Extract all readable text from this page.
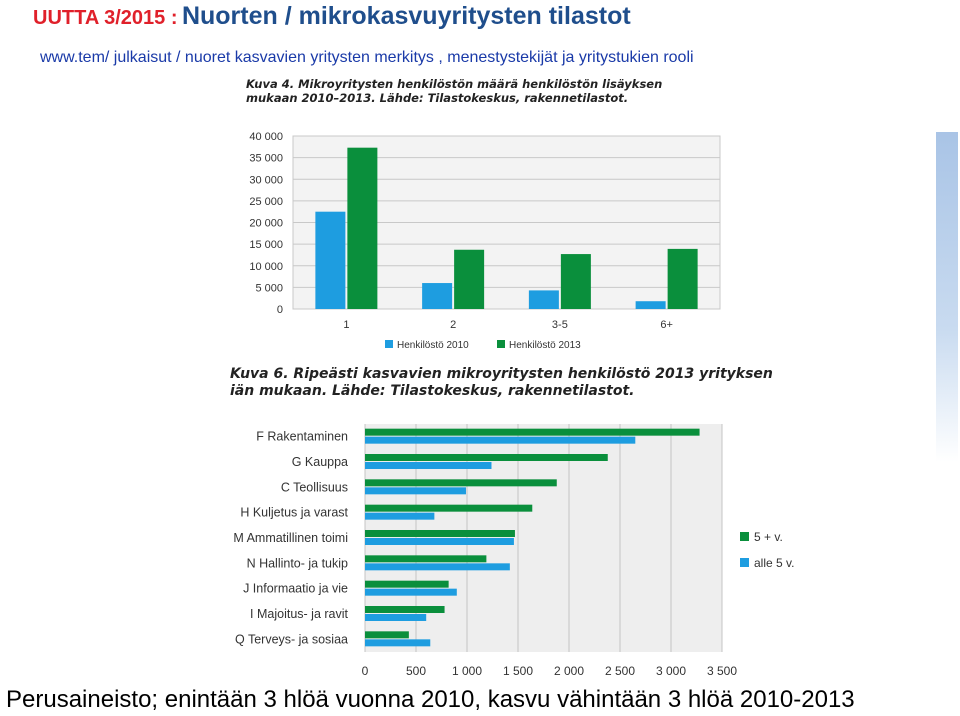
UUTTA 3/2015 : Nuorten / mikrokasvuyritysten tilastot
www.tem/ julkaisut / nuoret kasvavien yritysten merkitys , menestystekijät ja yritystukien rooli
Kuva 4. Mikroyritysten henkilöstön määrä henkilöstön lisäyksen mukaan 2010–2013. Lähde: Tilastokeskus, rakennetilastot.
Kuva 6. Ripeästi kasvavien mikroyritysten henkilöstö 2013 yrityksen iän mukaan. Lähde: Tilastokeskus, rakennetilastot.
0
5 000
10 000
15 000
20 000
25 000
30 000
35 000
40 000
1	2	3-5	6+
Henkilöstö 2010	Henkilöstö 2013
0	500 1 000 1 500 2 000 2 500 3 000 3 500
F Rakentaminen
G Kauppa
C Teollisuus
H Kuljetus ja varast
M Ammatillinen toimi
N Hallinto- ja tukip
J Informaatio ja vie
I Majoitus- ja ravit
Q Terveys- ja sosiaa
5 + v.
alle 5 v.
Perusaineisto; enintään 3 hlöä vuonna 2010, kasvu vähintään 3 hlöä 2010-2013
